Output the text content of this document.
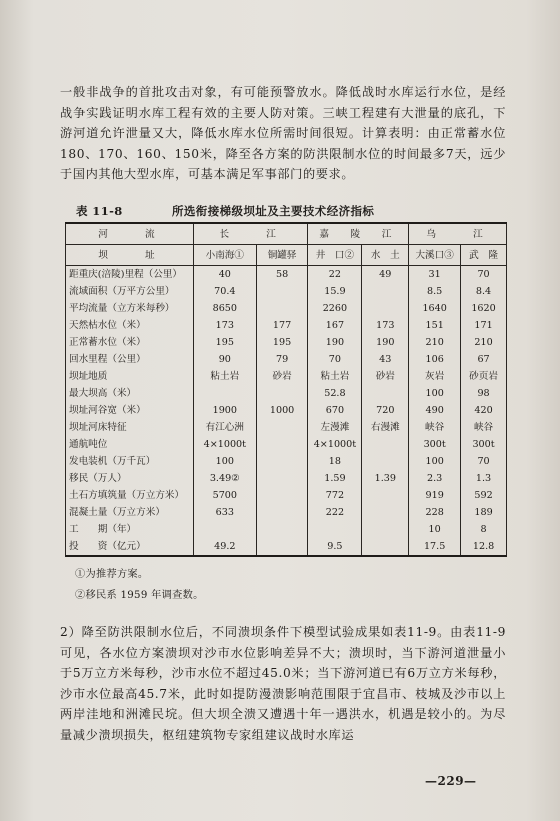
一般非战争的首批攻击对象，有可能预警放水。降低战时水库运行水位，是经战争实践证明水库工程有效的主要人防对策。三峡工程建有大泄量的底孔，下游河道允许泄量又大，降低水库水位所需时间很短。计算表明：由正常蓄水位180、170、160、150米，降至各方案的防洪限制水位的时间最多7天，远少于国内其他大型水库，可基本满足军事部门的要求。

表 11-8	所选衔接梯级坝址及主要技术经济指标
河　　流	长　　江		嘉　陵　江		乌　　江	
坝　　址	小南海①	铜罐驿	井　口②	水　土	大溪口③	武　隆
距重庆(涪陵)里程（公里）	40	58	22	49	31	70
流域面积（万平方公里）	70.4		15.9		8.5	8.4
平均流量（立方米每秒）	8650		2260		1640	1620
天然枯水位（米）	173	177	167	173	151	171
正常蓄水位（米）	195	195	190	190	210	210
回水里程（公里）	90	79	70	43	106	67
坝址地质	粘土岩	砂岩	粘土岩	砂岩	灰岩	砂页岩
最大坝高（米）			52.8		100	98
坝址河谷宽（米）	1900	1000	670	720	490	420
坝址河床特征	有江心洲		左漫滩	右漫滩	峡谷	峡谷
通航吨位	4×1000t		4×1000t		300t	300t
发电装机（万千瓦）	100		18		100	70
移民（万人）	3.49②		1.59	1.39	2.3	1.3
土石方填筑量（万立方米）	5700		772		919	592
混凝土量（万立方米）	633		222		228	189
工　　期（年）					10	8
投　　资（亿元）	49.2		9.5		17.5	12.8
①为推荐方案。
②移民系 1959 年调查数。

2）降至防洪限制水位后，不同溃坝条件下模型试验成果如表11-9。由表11-9可见，各水位方案溃坝对沙市水位影响差异不大；溃坝时，当下游河道泄量小于5万立方米每秒，沙市水位不超过45.0米；当下游河道已有6万立方米每秒，沙市水位最高45.7米，此时如提防漫溃影响范围限于宜昌市、枝城及沙市以上两岸洼地和洲滩民垸。但大坝全溃又遭遇十年一遇洪水，机遇是较小的。为尽量减少溃坝损失，枢纽建筑物专家组建议战时水库运

—229—
